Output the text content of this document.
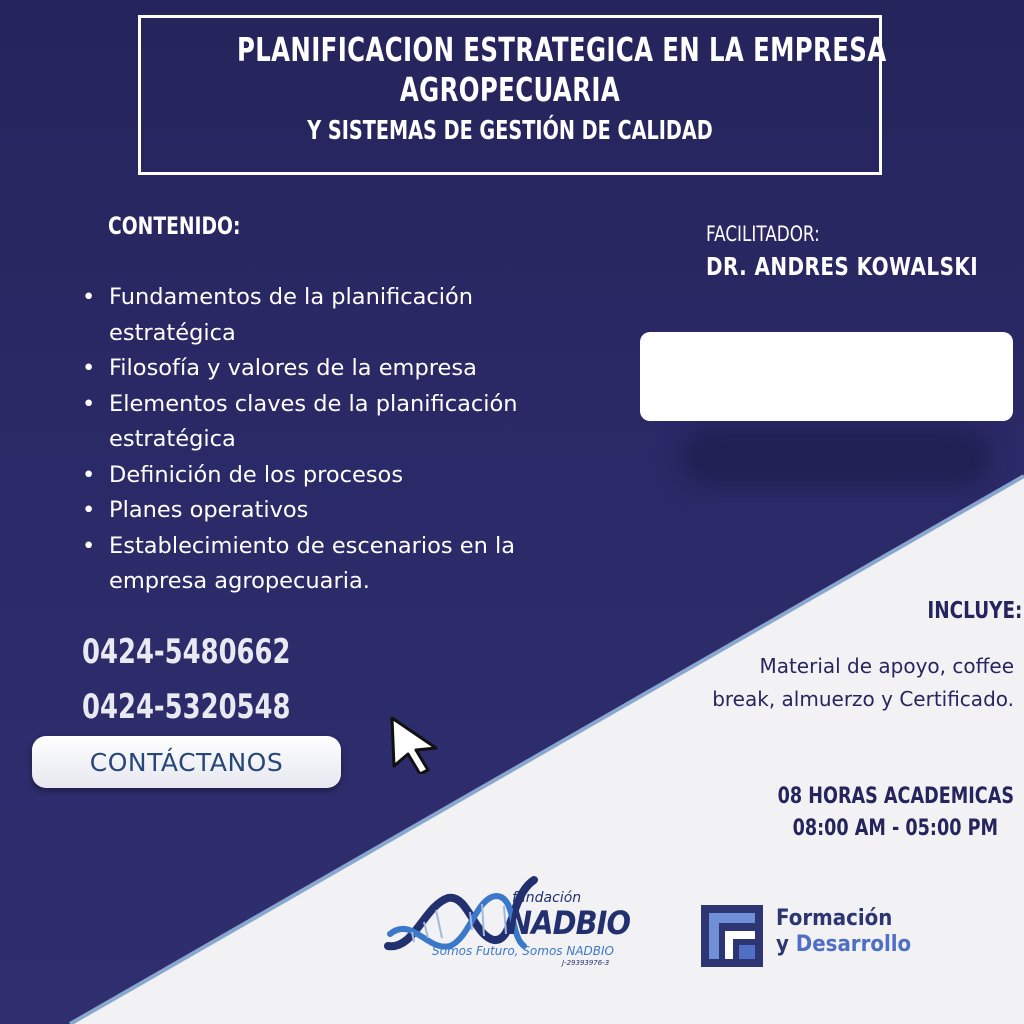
PLANIFICACION ESTRATEGICA EN LA EMPRESA
AGROPECUARIA
Y SISTEMAS DE GESTIÓN DE CALIDAD
CONTENIDO:
• Fundamentos de la planificación estratégica
• Filosofía y valores de la empresa
• Elementos claves de la planificación estratégica
• Definición de los procesos
• Planes operativos
• Establecimiento de escenarios en la empresa agropecuaria.
0424-5480662
0424-5320548
CONTÁCTANOS
FACILITADOR:
DR. ANDRES KOWALSKI
INCLUYE:
Material de apoyo, coffee break, almuerzo y Certificado.
08 HORAS ACADEMICAS
08:00 AM - 05:00 PM
fundación
NADBIO
Somos Futuro, Somos NADBIO
J-29393976-3
Formación
y Desarrollo
